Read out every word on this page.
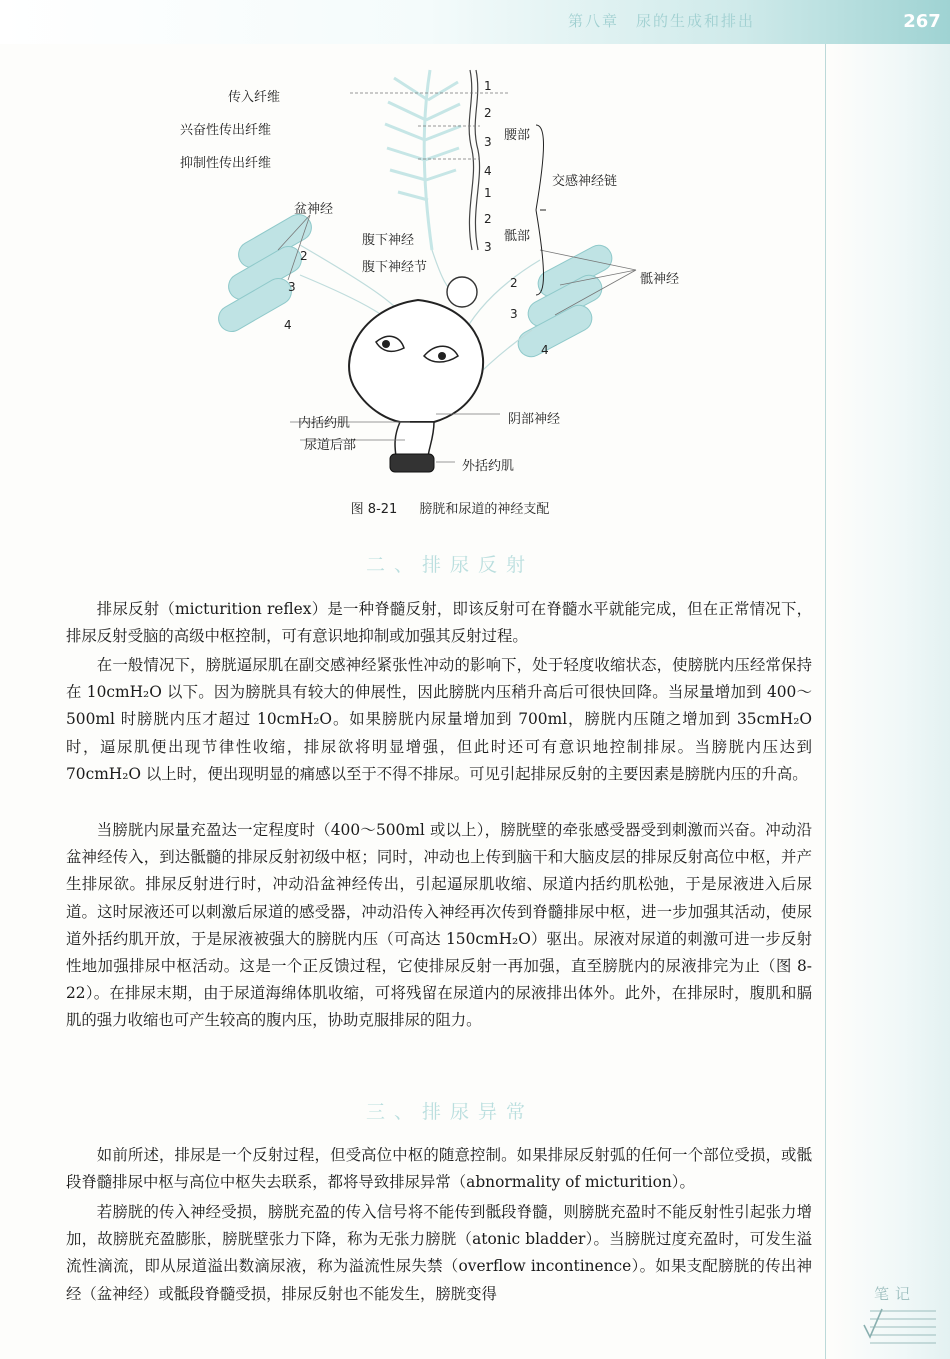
第八章　尿的生成和排出	267
传入纤维
兴奋性传出纤维
抑制性传出纤维
盆神经
腹下神经
腹下神经节
腰部
交感神经链
骶部
骶神经
内括约肌
尿道后部
阴部神经
外括约肌
1
2
3
4
1
2
3
2
3
4
2
3
4
图 8-21 膀胱和尿道的神经支配
二、排尿反射

排尿反射（micturition reflex）是一种脊髓反射，即该反射可在脊髓水平就能完成，但在正常情况下，排尿反射受脑的高级中枢控制，可有意识地抑制或加强其反射过程。

在一般情况下，膀胱逼尿肌在副交感神经紧张性冲动的影响下，处于轻度收缩状态，使膀胱内压经常保持在 10cmH₂O 以下。因为膀胱具有较大的伸展性，因此膀胱内压稍升高后可很快回降。当尿量增加到 400～500ml 时膀胱内压才超过 10cmH₂O。如果膀胱内尿量增加到 700ml，膀胱内压随之增加到 35cmH₂O 时，逼尿肌便出现节律性收缩，排尿欲将明显增强，但此时还可有意识地控制排尿。当膀胱内压达到 70cmH₂O 以上时，便出现明显的痛感以至于不得不排尿。可见引起排尿反射的主要因素是膀胱内压的升高。

当膀胱内尿量充盈达一定程度时（400～500ml 或以上），膀胱壁的牵张感受器受到刺激而兴奋。冲动沿盆神经传入，到达骶髓的排尿反射初级中枢；同时，冲动也上传到脑干和大脑皮层的排尿反射高位中枢，并产生排尿欲。排尿反射进行时，冲动沿盆神经传出，引起逼尿肌收缩、尿道内括约肌松弛，于是尿液进入后尿道。这时尿液还可以刺激后尿道的感受器，冲动沿传入神经再次传到脊髓排尿中枢，进一步加强其活动，使尿道外括约肌开放，于是尿液被强大的膀胱内压（可高达 150cmH₂O）驱出。尿液对尿道的刺激可进一步反射性地加强排尿中枢活动。这是一个正反馈过程，它使排尿反射一再加强，直至膀胱内的尿液排完为止（图 8-22）。在排尿末期，由于尿道海绵体肌收缩，可将残留在尿道内的尿液排出体外。此外，在排尿时，腹肌和膈肌的强力收缩也可产生较高的腹内压，协助克服排尿的阻力。

三、排尿异常

如前所述，排尿是一个反射过程，但受高位中枢的随意控制。如果排尿反射弧的任何一个部位受损，或骶段脊髓排尿中枢与高位中枢失去联系，都将导致排尿异常（abnormality of micturition）。

若膀胱的传入神经受损，膀胱充盈的传入信号将不能传到骶段脊髓，则膀胱充盈时不能反射性引起张力增加，故膀胱充盈膨胀，膀胱壁张力下降，称为无张力膀胱（atonic bladder）。当膀胱过度充盈时，可发生溢流性滴流，即从尿道溢出数滴尿液，称为溢流性尿失禁（overflow incontinence）。如果支配膀胱的传出神经（盆神经）或骶段脊髓受损，排尿反射也不能发生，膀胱变得	笔记
